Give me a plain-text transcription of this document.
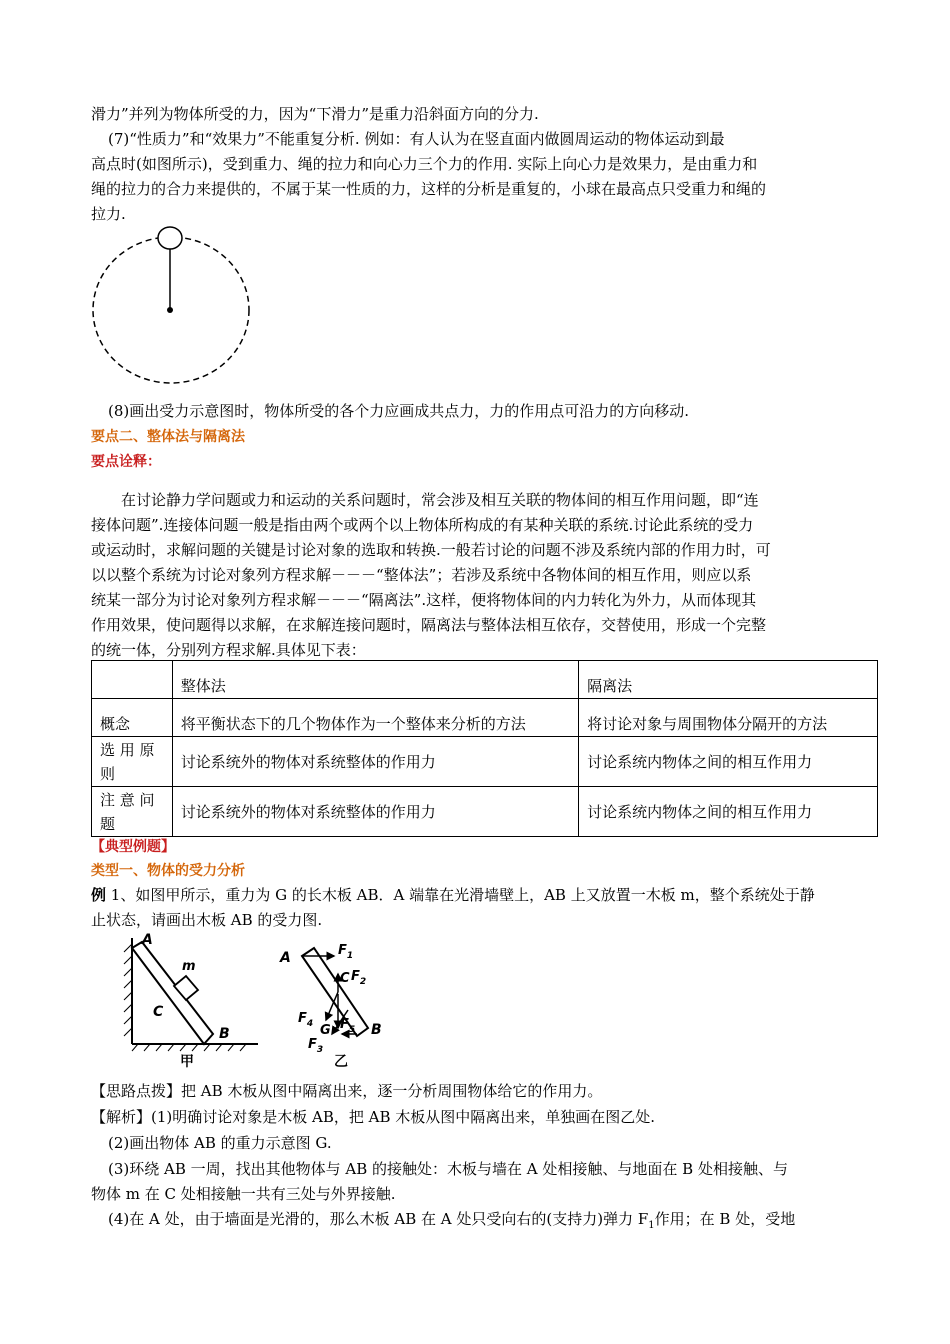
滑力”并列为物体所受的力，因为“下滑力”是重力沿斜面方向的分力.
(7)“性质力”和“效果力”不能重复分析. 例如：有人认为在竖直面内做圆周运动的物体运动到最
高点时(如图所示)，受到重力、绳的拉力和向心力三个力的作用. 实际上向心力是效果力，是由重力和
绳的拉力的合力来提供的，不属于某一性质的力，这样的分析是重复的，小球在最高点只受重力和绳的
拉力.
(8)画出受力示意图时，物体所受的各个力应画成共点力，力的作用点可沿力的方向移动.
要点二、整体法与隔离法
要点诠释：
在讨论静力学问题或力和运动的关系问题时，常会涉及相互关联的物体间的相互作用问题，即“连
接体问题”.连接体问题一般是指由两个或两个以上物体所构成的有某种关联的系统.讨论此系统的受力
或运动时，求解问题的关键是讨论对象的选取和转换.一般若讨论的问题不涉及系统内部的作用力时，可
以以整个系统为讨论对象列方程求解－－－“整体法”；若涉及系统中各物体间的相互作用，则应以系
统某一部分为讨论对象列方程求解－－－“隔离法”.这样，便将物体间的内力转化为外力，从而体现其
作用效果，使问题得以求解，在求解连接问题时，隔离法与整体法相互依存，交替使用，形成一个完整
的统一体，分别列方程求解.具体见下表：
	整体法	隔离法
概念	将平衡状态下的几个物体作为一个整体来分析的方法	将讨论对象与周围物体分隔开的方法
选 用 原
则	讨论系统外的物体对系统整体的作用力	讨论系统内物体之间的相互作用力
注 意 问
题	讨论系统外的物体对系统整体的作用力	讨论系统内物体之间的相互作用力
【典型例题】
类型一、物体的受力分析
例 1、如图甲所示，重力为 G 的长木板 AB．A 端靠在光滑墙壁上，AB 上又放置一木板 m，整个系统处于静
止状态，请画出木板 AB 的受力图.
A
m
C
B
甲
A	$F_1$
C $F_2$
$F_4$ G $F_5$
$F_3$
B
乙
【思路点拨】把 AB 木板从图中隔离出来，逐一分析周围物体给它的作用力。
【解析】(1)明确讨论对象是木板 AB，把 AB 木板从图中隔离出来，单独画在图乙处.
(2)画出物体 AB 的重力示意图 G.
(3)环绕 AB 一周，找出其他物体与 AB 的接触处：木板与墙在 A 处相接触、与地面在 B 处相接触、与
物体 m 在 C 处相接触一共有三处与外界接触.
(4)在 A 处，由于墙面是光滑的，那么木板 AB 在 A 处只受向右的(支持力)弹力 $F_1$作用；在 B 处，受地
